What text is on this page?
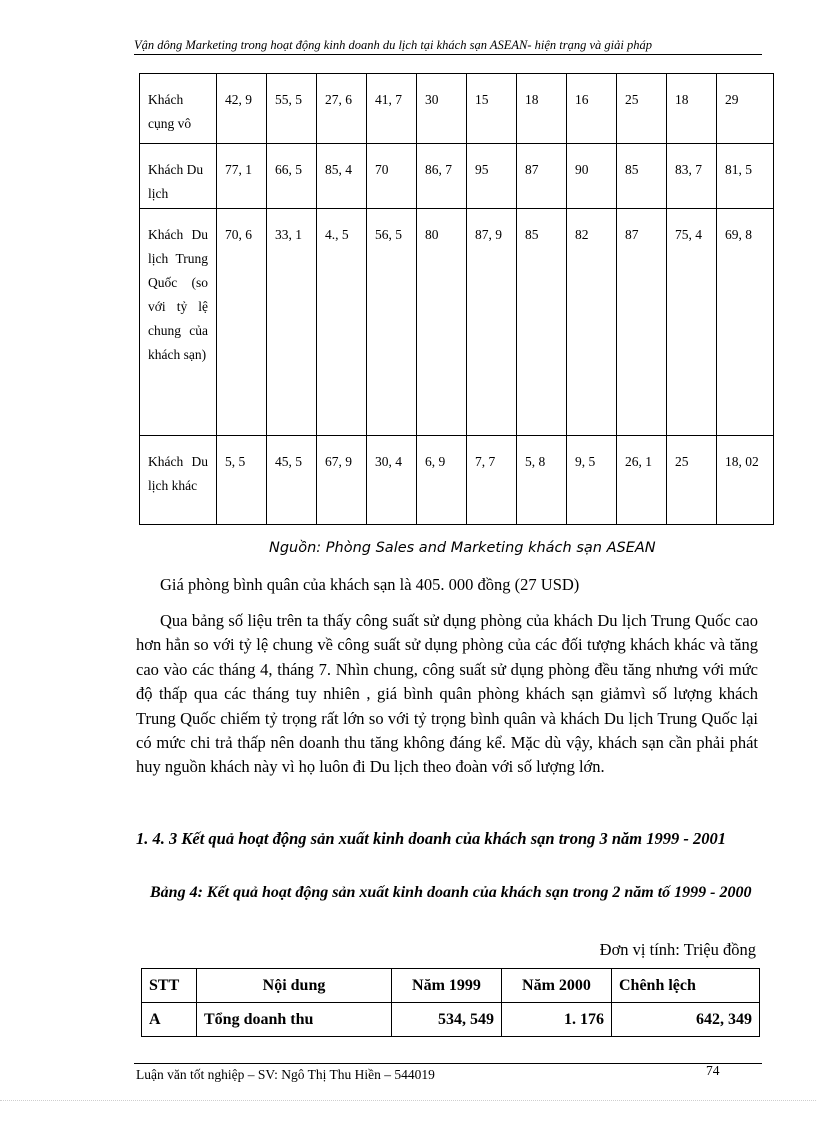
Vận dông Marketing trong hoạt động kinh doanh du lịch tại khách sạn ASEAN- hiện trạng và giải pháp
Khách cụng vô	42, 9	55, 5	27, 6	41, 7	30	15	18	16	25	18	29
Khách Du lịch	77, 1	66, 5	85, 4	70	86, 7	95	87	90	85	83, 7	81, 5
Khách Du lịch Trung Quốc (so với tỷ lệ chung của khách sạn)	70, 6	33, 1	4., 5	56, 5	80	87, 9	85	82	87	75, 4	69, 8
Khách Du lịch khác	5, 5	45, 5	67, 9	30, 4	6, 9	7, 7	5, 8	9, 5	26, 1	25	18, 02
Nguồn: Phòng Sales and Marketing khách sạn ASEAN
Giá phòng bình quân của khách sạn là 405. 000 đồng (27 USD)
Qua bảng số liệu trên ta thấy công suất sử dụng phòng của khách Du lịch Trung Quốc cao hơn hẳn so với tỷ lệ chung về công suất sử dụng phòng của các đối tượng khách khác và tăng cao vào các tháng 4, tháng 7. Nhìn chung, công suất sử dụng phòng đều tăng nhưng với mức độ thấp qua các tháng tuy nhiên , giá bình quân phòng khách sạn giảmvì số lượng khách Trung Quốc chiếm tỷ trọng rất lớn so với tỷ trọng bình quân và khách Du lịch Trung Quốc lại có mức chi trả thấp nên doanh thu tăng không đáng kể. Mặc dù vậy, khách sạn cần phải phát huy nguồn khách này vì họ luôn đi Du lịch theo đoàn với số lượng lớn.
1. 4. 3 Kết quả hoạt động sản xuất kinh doanh của khách sạn trong 3 năm 1999 - 2001
Bảng 4: Kết quả hoạt động sản xuất kinh doanh của khách sạn trong 2 năm tố 1999 - 2000
Đơn vị tính: Triệu đồng
STT	Nội dung	Năm 1999	Năm 2000	Chênh lệch
A	Tổng doanh thu	534, 549	1. 176	642, 349
Luận văn tốt nghiệp – SV: Ngô Thị Thu Hiền – 544019	74
